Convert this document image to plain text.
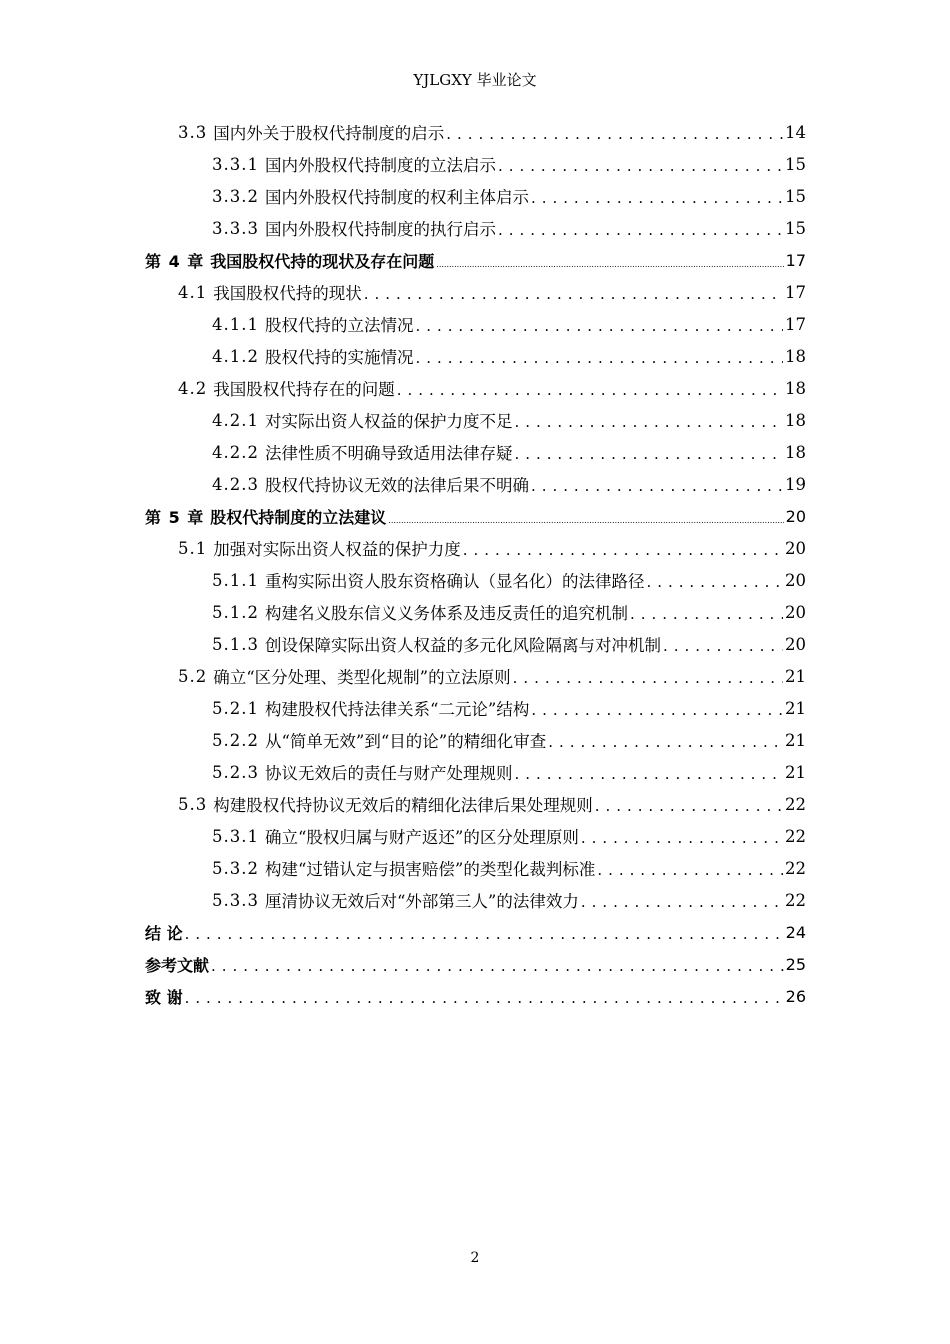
YJLGXY 毕业论文
3.3 国内外关于股权代持制度的启示 . . .	14
3.3.1 国内外股权代持制度的立法启示 . . .	15
3.3.2 国内外股权代持制度的权利主体启示 . . .	15
3.3.3 国内外股权代持制度的执行启示 . . .	15
第 4 章 我国股权代持的现状及存在问题 .....	17
4.1 我国股权代持的现状 . . .	17
4.1.1 股权代持的立法情况 . . .	17
4.1.2 股权代持的实施情况 . . .	18
4.2 我国股权代持存在的问题 . . .	18
4.2.1 对实际出资人权益的保护力度不足 . . .	18
4.2.2 法律性质不明确导致适用法律存疑 . . .	18
4.2.3 股权代持协议无效的法律后果不明确 . . .	19
第 5 章 股权代持制度的立法建议 .....	20
5.1 加强对实际出资人权益的保护力度 . . .	20
5.1.1 重构实际出资人股东资格确认（显名化）的法律路径 . . .	20
5.1.2 构建名义股东信义义务体系及违反责任的追究机制 . . .	20
5.1.3 创设保障实际出资人权益的多元化风险隔离与对冲机制 . . .	20
5.2 确立“区分处理、类型化规制”的立法原则 . . .	21
5.2.1 构建股权代持法律关系“二元论”结构 . . .	21
5.2.2 从“简单无效”到“目的论”的精细化审查 . . .	21
5.2.3 协议无效后的责任与财产处理规则 . . .	21
5.3 构建股权代持协议无效后的精细化法律后果处理规则 . . .	22
5.3.1 确立“股权归属与财产返还”的区分处理原则 . . .	22
5.3.2 构建“过错认定与损害赔偿”的类型化裁判标准 . . .	22
5.3.3 厘清协议无效后对“外部第三人”的法律效力 . . .	22
结 论 . . .	24
参考文献 . . .	25
致 谢 . . .	26
2
